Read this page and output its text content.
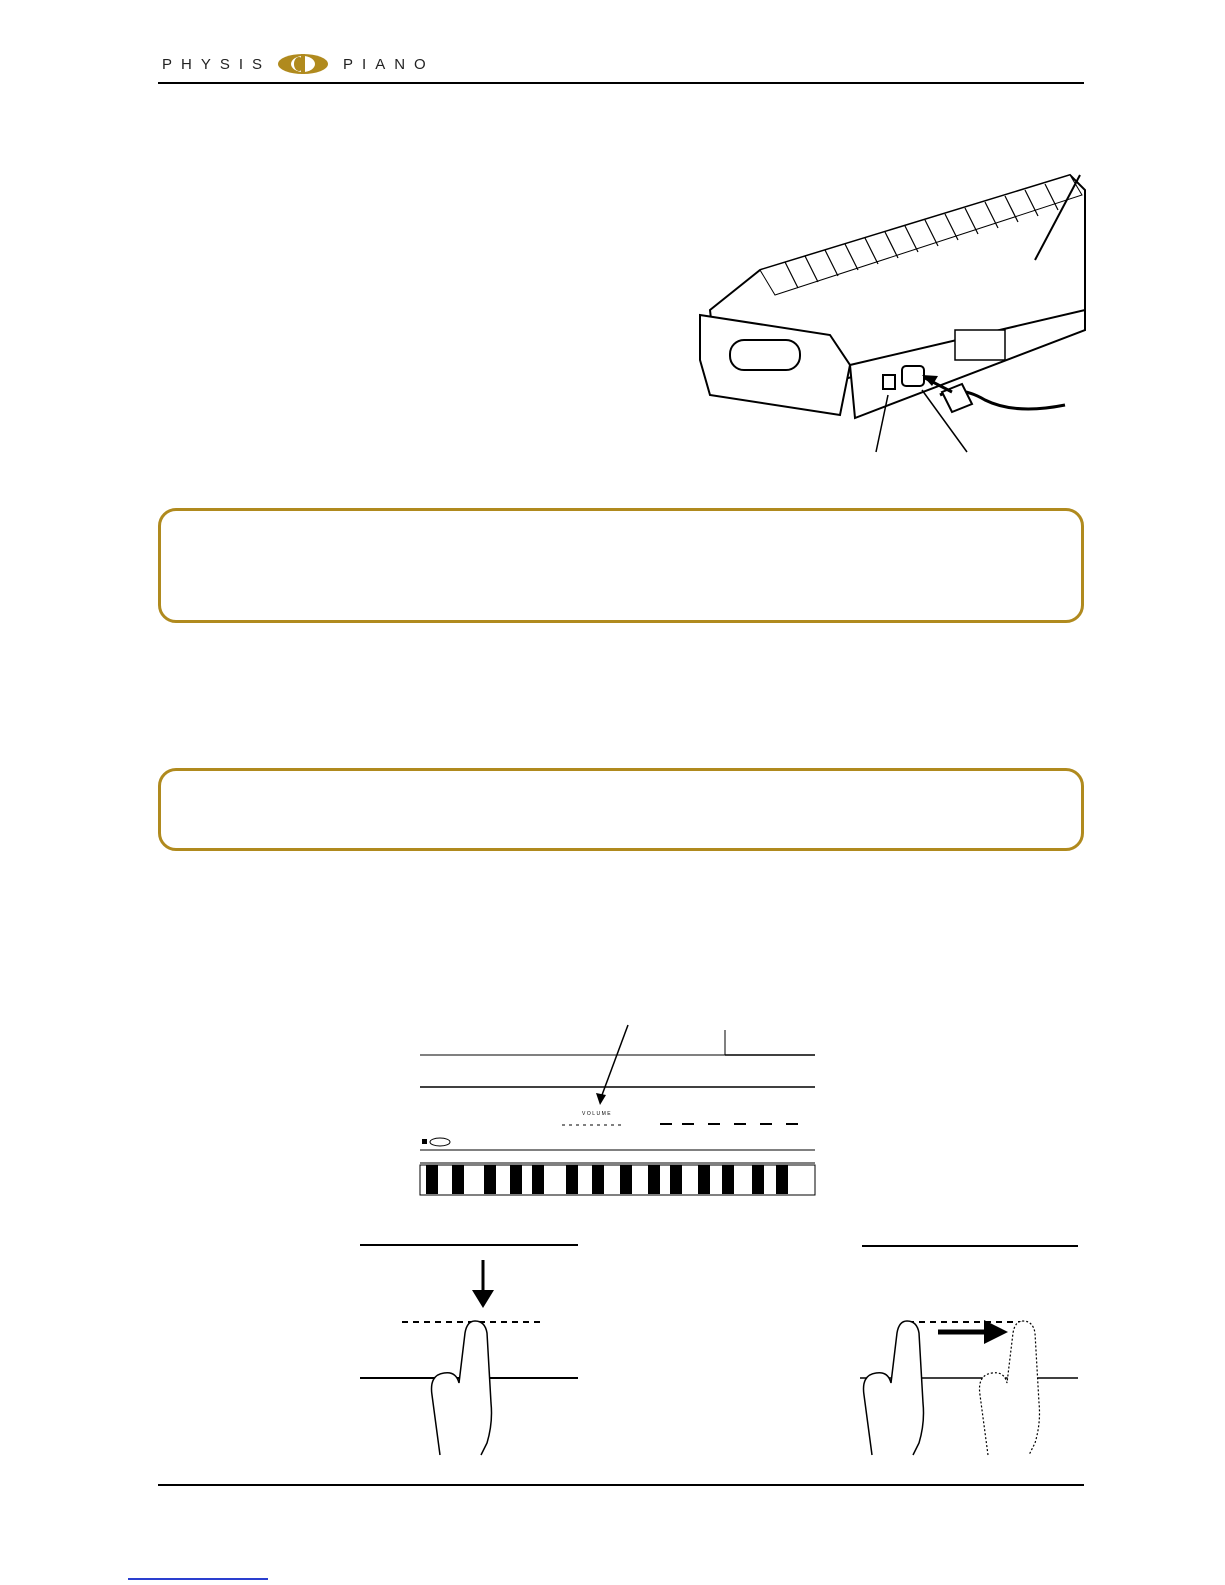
PHYSIS	PIANO
VOLUME
